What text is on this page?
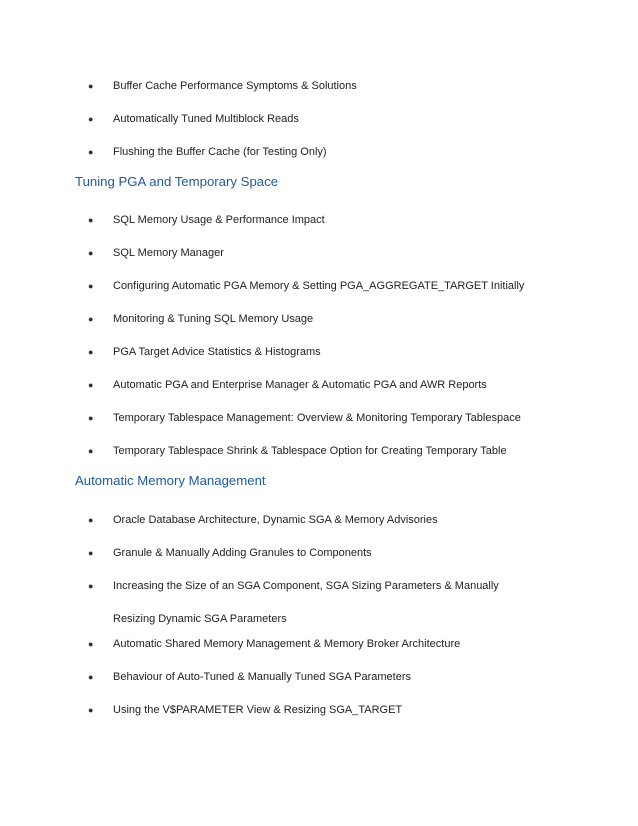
●	Buffer Cache Performance Symptoms & Solutions
●	Automatically Tuned Multiblock Reads
●	Flushing the Buffer Cache (for Testing Only)
Tuning PGA and Temporary Space
●	SQL Memory Usage & Performance Impact
●	SQL Memory Manager
●	Configuring Automatic PGA Memory & Setting PGA_AGGREGATE_TARGET Initially
●	Monitoring & Tuning SQL Memory Usage
●	PGA Target Advice Statistics & Histograms
●	Automatic PGA and Enterprise Manager & Automatic PGA and AWR Reports
●	Temporary Tablespace Management: Overview & Monitoring Temporary Tablespace
●	Temporary Tablespace Shrink & Tablespace Option for Creating Temporary Table
Automatic Memory Management
●	Oracle Database Architecture, Dynamic SGA & Memory Advisories
●	Granule & Manually Adding Granules to Components
●	Increasing the Size of an SGA Component, SGA Sizing Parameters & Manually Resizing Dynamic SGA Parameters
●	Automatic Shared Memory Management & Memory Broker Architecture
●	Behaviour of Auto-Tuned & Manually Tuned SGA Parameters
●	Using the V$PARAMETER View & Resizing SGA_TARGET
